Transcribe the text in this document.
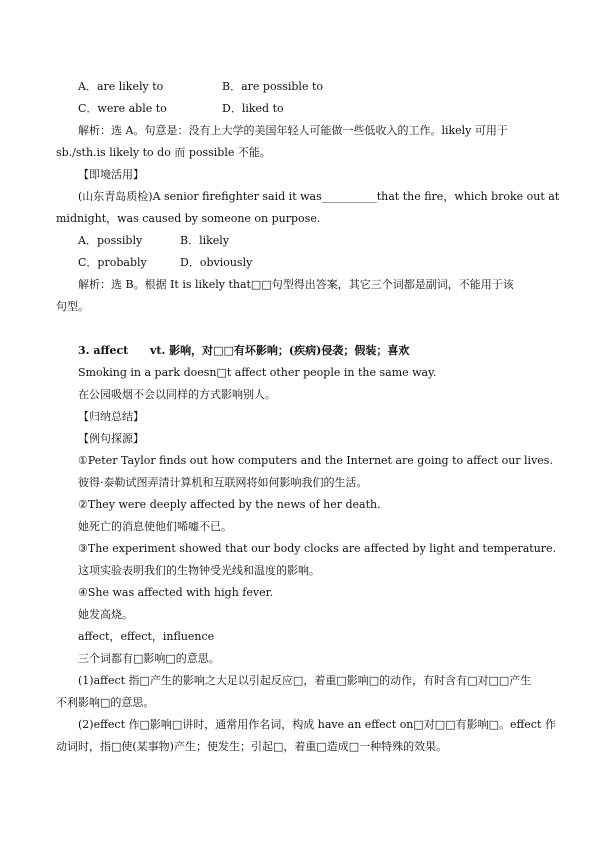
A．are likely to	B．are possible to
C．were able to	D．liked to
解析：选 A。句意是：没有上大学的美国年轻人可能做一些低收入的工作。likely 可用于
sb./sth.is likely to do 而 possible 不能。
【即境活用】
(山东青岛质检)A senior firefighter said it was__________that the fire，which broke out at
midnight，was caused by someone on purpose.
A．possibly	B．likely
C．probably	D．obviously
解析：选 B。根据 It is likely that□□句型得出答案，其它三个词都是副词，不能用于该
句型。
3. affect vt. 影响，对□□有坏影响；(疾病)侵袭；假装；喜欢
Smoking in a park doesn□t affect other people in the same way.
在公园吸烟不会以同样的方式影响别人。
【归纳总结】
【例句探源】
①Peter Taylor finds out how computers and the Internet are going to affect our lives.
彼得·泰勒试图弄清计算机和互联网将如何影响我们的生活。
②They were deeply affected by the news of her death.
她死亡的消息使他们唏嘘不已。
③The experiment showed that our body clocks are affected by light and temperature.
这项实验表明我们的生物钟受光线和温度的影响。
④She was affected with high fever.
她发高烧。
affect，effect，influence
三个词都有□影响□的意思。
(1)affect 指□产生的影响之大足以引起反应□，着重□影响□的动作，有时含有□对□□产生
不利影响□的意思。
(2)effect 作□影响□讲时，通常用作名词，构成 have an effect on□对□□有影响□。effect 作
动词时，指□使(某事物)产生；使发生；引起□，着重□造成□一种特殊的效果。
